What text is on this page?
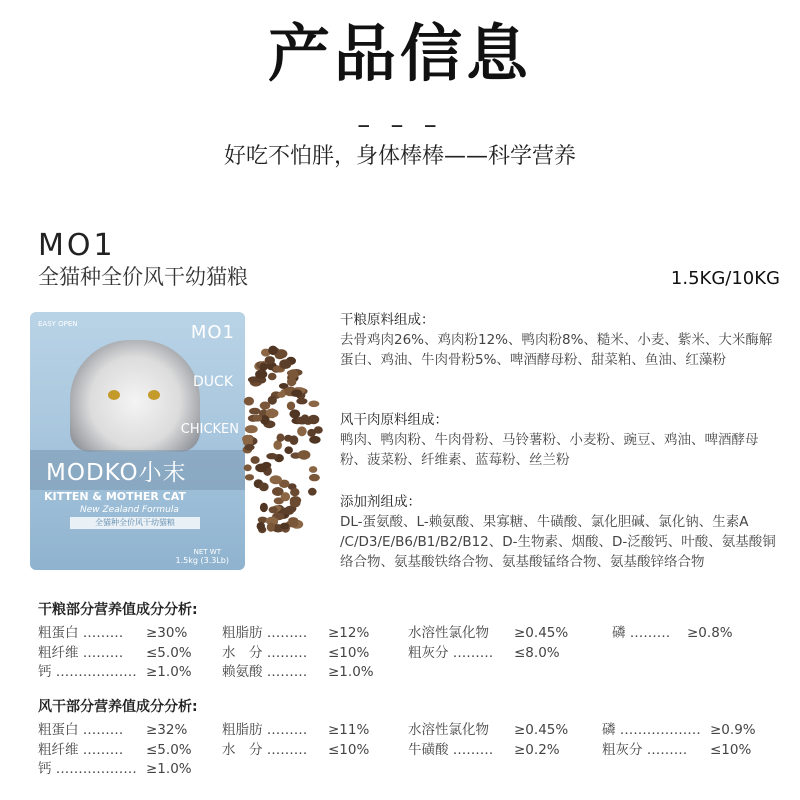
产品信息
– – –
好吃不怕胖，身体棒棒——科学营养
MO1
全猫种全价风干幼猫粮	1.5KG/10KG
EASY OPEN	MO1
DUCK
CHICKEN
MODKO小末
KITTEN & MOTHER CAT
New Zealand Formula
全猫种全价风干幼猫粮
NET WT
1.5kg (3.3Lb)
干粮原料组成：
去骨鸡肉26%、鸡肉粉12%、鸭肉粉8%、糙米、小麦、紫米、大米酶解蛋白、鸡油、牛肉骨粉5%、啤酒酵母粉、甜菜粕、鱼油、红藻粉
风干肉原料组成：
鸭肉、鸭肉粉、牛肉骨粉、马铃薯粉、小麦粉、豌豆、鸡油、啤酒酵母粉、菠菜粉、纤维素、蓝莓粉、丝兰粉
添加剂组成：
DL-蛋氨酸、L-赖氨酸、果寡糖、牛磺酸、氯化胆碱、氯化钠、生素A /C/D3/E/B6/B1/B2/B12、D-生物素、烟酸、D-泛酸钙、叶酸、氨基酸铜络合物、氨基酸铁络合物、氨基酸锰络合物、氨基酸锌络合物
干粮部分营养值成分分析:
风干部分营养值成分分析:
粗蛋白 ……… ≥30%	粗脂肪 ……… ≥12%	水溶性氯化物 ≥0.45%	磷 ……… ≥0.8%
粗纤维 ……… ≤5.0% 水　分 ……… ≤10%	粗灰分 ……… ≤8.0%
钙 ……………… ≥1.0% 赖氨酸 ……… ≥1.0%
粗蛋白 ……… ≥32%	粗脂肪 ……… ≥11%	水溶性氯化物 ≥0.45%	磷 ……………… ≥0.9%
粗纤维 ……… ≤5.0% 水　分 ……… ≤10%	牛磺酸 ……… ≥0.2%	粗灰分 ……… ≤10%
钙 ……………… ≥1.0%
